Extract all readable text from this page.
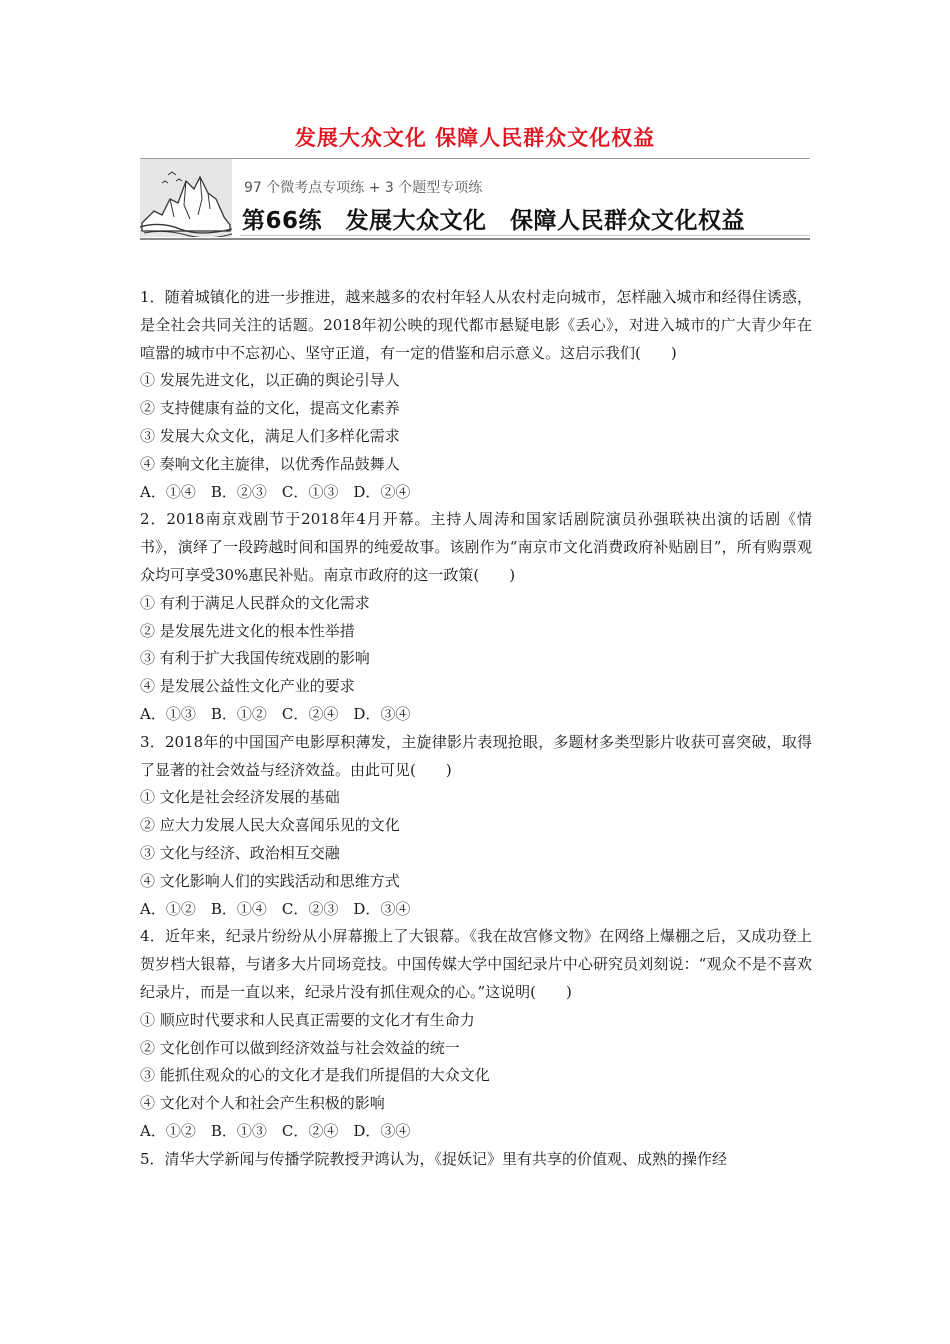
发展大众文化 保障人民群众文化权益
97 个微考点专项练 + 3 个题型专项练
第66练　发展大众文化　保障人民群众文化权益

1．随着城镇化的进一步推进，越来越多的农村年轻人从农村走向城市，怎样融入城市和经得住诱惑，是全社会共同关注的话题。2018年初公映的现代都市悬疑电影《丢心》，对进入城市的广大青少年在喧嚣的城市中不忘初心、坚守正道，有一定的借鉴和启示意义。这启示我们(　　)

① 发展先进文化，以正确的舆论引导人

② 支持健康有益的文化，提高文化素养

③ 发展大众文化，满足人们多样化需求

④ 奏响文化主旋律，以优秀作品鼓舞人

A．①④　B．②③　C．①③　D．②④

2．2018南京戏剧节于2018年4月开幕。主持人周涛和国家话剧院演员孙强联袂出演的话剧《情书》，演绎了一段跨越时间和国界的纯爱故事。该剧作为“南京市文化消费政府补贴剧目”，所有购票观众均可享受30%惠民补贴。南京市政府的这一政策(　　)

① 有利于满足人民群众的文化需求

② 是发展先进文化的根本性举措

③ 有利于扩大我国传统戏剧的影响

④ 是发展公益性文化产业的要求

A．①③　B．①②　C．②④　D．③④

3．2018年的中国国产电影厚积薄发，主旋律影片表现抢眼，多题材多类型影片收获可喜突破，取得了显著的社会效益与经济效益。由此可见(　　)

① 文化是社会经济发展的基础

② 应大力发展人民大众喜闻乐见的文化

③ 文化与经济、政治相互交融

④ 文化影响人们的实践活动和思维方式

A．①②　B．①④　C．②③　D．③④

4．近年来，纪录片纷纷从小屏幕搬上了大银幕。《我在故宫修文物》在网络上爆棚之后，又成功登上贺岁档大银幕，与诸多大片同场竞技。中国传媒大学中国纪录片中心研究员刘刻说：“观众不是不喜欢纪录片，而是一直以来，纪录片没有抓住观众的心。”这说明(　　)

① 顺应时代要求和人民真正需要的文化才有生命力

② 文化创作可以做到经济效益与社会效益的统一

③ 能抓住观众的心的文化才是我们所提倡的大众文化

④ 文化对个人和社会产生积极的影响

A．①②　B．①③　C．②④　D．③④

5．清华大学新闻与传播学院教授尹鸿认为，《捉妖记》里有共享的价值观、成熟的操作经
